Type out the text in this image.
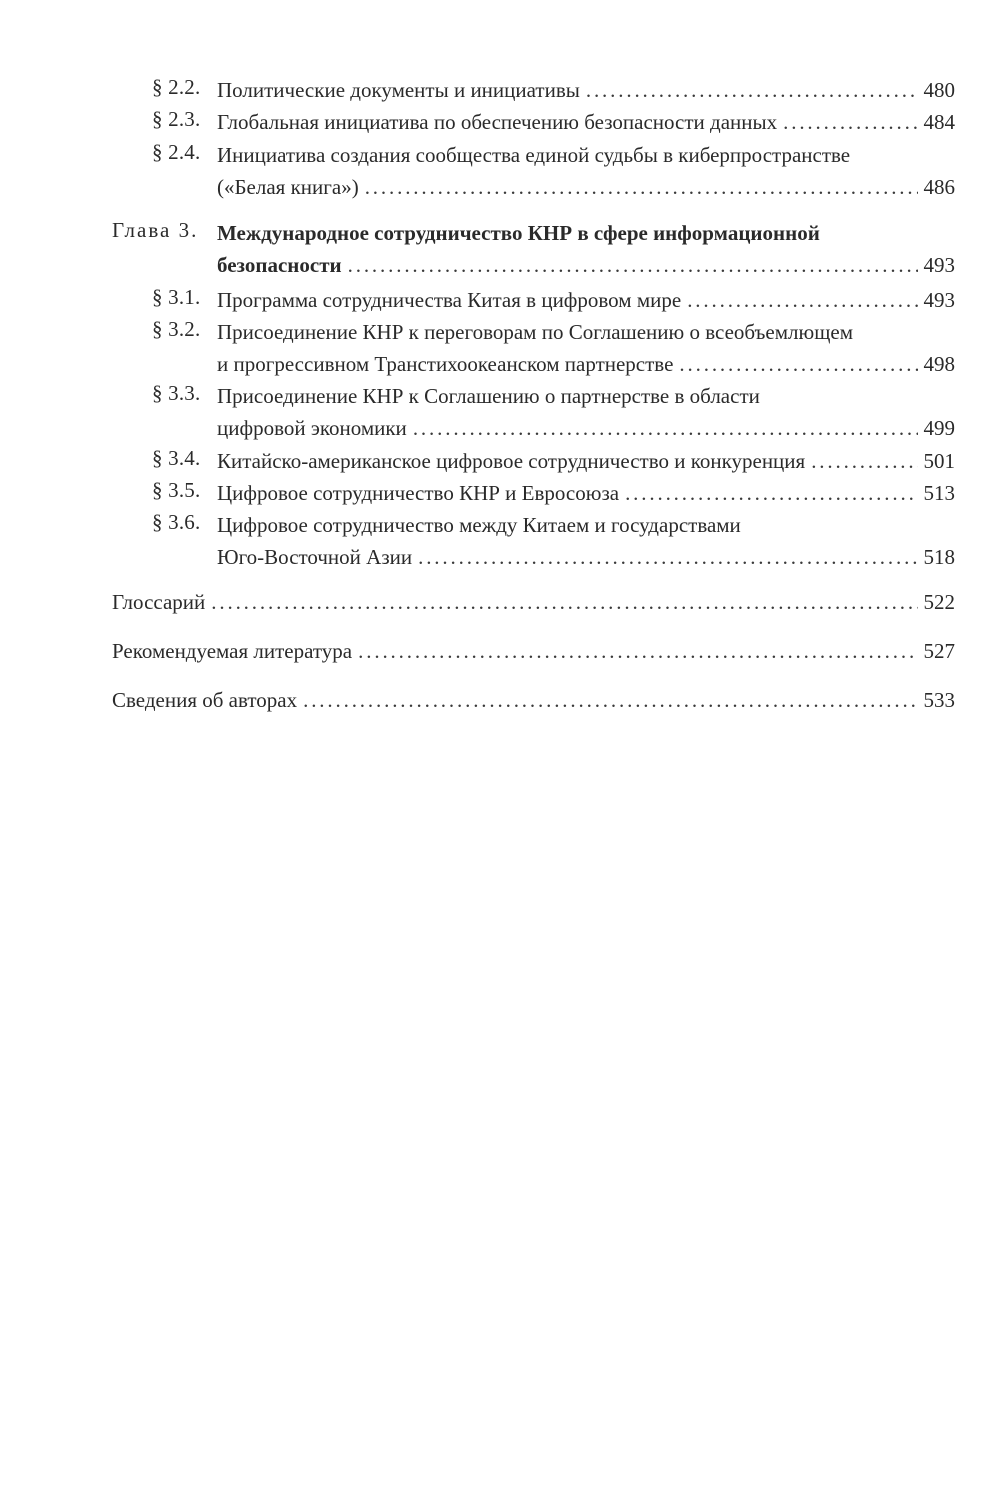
§ 2.2. Политические документы и инициативы . . .	480
§ 2.3. Глобальная инициатива по обеспечению безопасности данных . . .	484
§ 2.4. Инициатива создания сообщества единой судьбы в киберпространстве
(«Белая книга») . . .	486
Глава 3. Международное сотрудничество КНР в сфере информационной
безопасности . . .	493
§ 3.1. Программа сотрудничества Китая в цифровом мире . . .	493
§ 3.2. Присоединение КНР к переговорам по Соглашению о всеобъемлющем
и прогрессивном Транстихоокеанском партнерстве . . .	498
§ 3.3. Присоединение КНР к Соглашению о партнерстве в области
цифровой экономики . . .	499
§ 3.4. Китайско-американское цифровое сотрудничество и конкуренция . . .	501
§ 3.5. Цифровое сотрудничество КНР и Евросоюза . . .	513
§ 3.6. Цифровое сотрудничество между Китаем и государствами
Юго-Восточной Азии . . .	518
Глоссарий . . .	522
Рекомендуемая литература . . .	527
Сведения об авторах . . .	533
